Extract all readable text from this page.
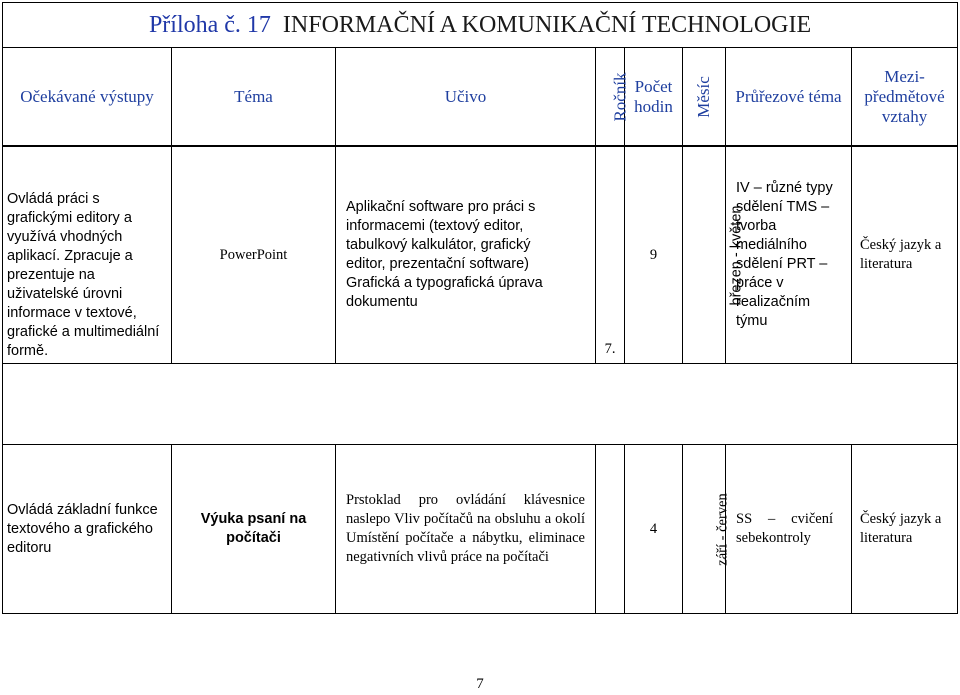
Příloha č. 17 INFORMAČNÍ A KOMUNIKAČNÍ TECHNOLOGIE
Očekávané výstupy	Téma	Učivo	Ročník	Počet hodin	Měsíc	Průřezové téma	Mezi-předmětové vztahy
Ovládá práci s grafickými editory a využívá vhodných aplikací. Zpracuje a prezentuje na uživatelské úrovni informace v textové, grafické a multimediální formě.	PowerPoint	Aplikační software pro práci s informacemi (textový editor, tabulkový kalkulátor, grafický editor, prezentační software) Grafická a typografická úprava dokumentu	7.	9	březen - květen	IV – různé typy sdělení TMS – tvorba mediálního sdělení PRT – práce v realizačním týmu	Český jazyk a literatura

Ovládá základní funkce textového a grafického editoru	Výuka psaní na počítači	Prstoklad pro ovládání klávesnice naslepo Vliv počítačů na obsluhu a okolí Umístění počítače a nábytku, eliminace negativních vlivů práce na počítači		4	září - červen	SS – cvičení sebekontroly	Český jazyk a literatura
7
